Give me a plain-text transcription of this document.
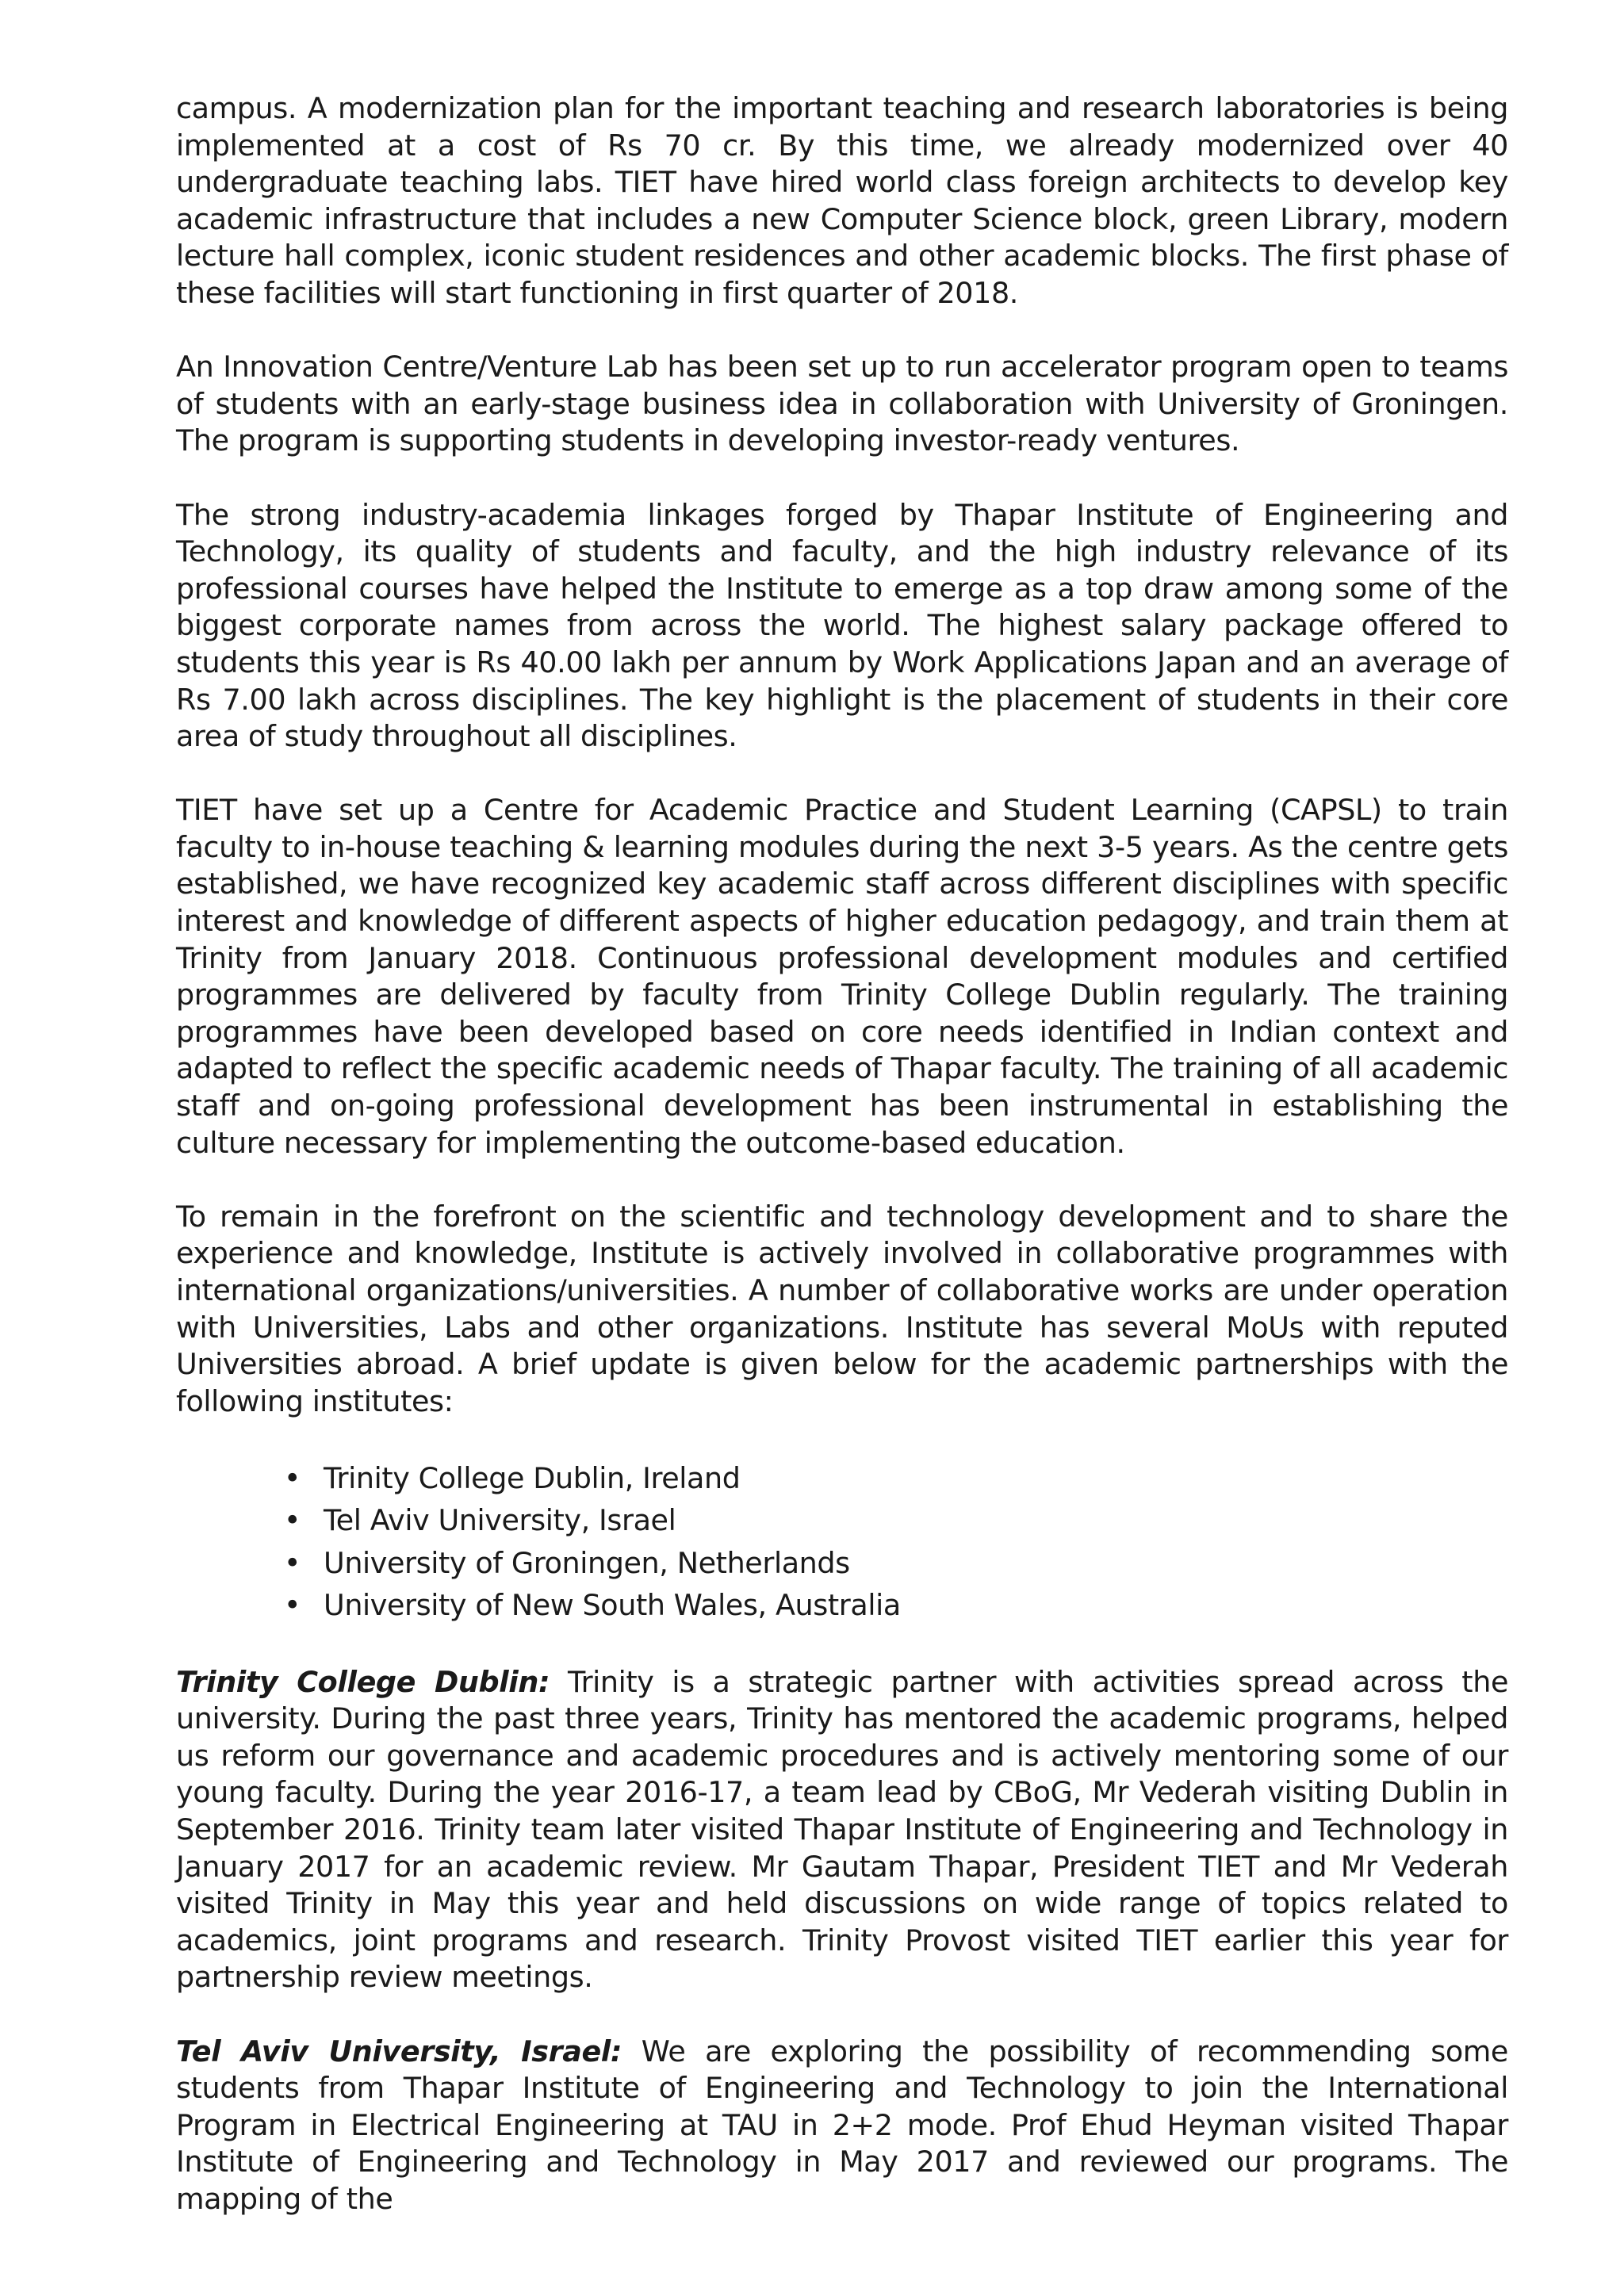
campus. A modernization plan for the important teaching and research laboratories is being implemented at a cost of Rs 70 cr. By this time, we already modernized over 40 undergraduate teaching labs. TIET have hired world class foreign architects to develop key academic infrastructure that includes a new Computer Science block, green Library, modern lecture hall complex, iconic student residences and other academic blocks. The first phase of these facilities will start functioning in first quarter of 2018.

An Innovation Centre/Venture Lab has been set up to run accelerator program open to teams of students with an early-stage business idea in collaboration with University of Groningen. The program is supporting students in developing investor-ready ventures.

The strong industry-academia linkages forged by Thapar Institute of Engineering and Technology, its quality of students and faculty, and the high industry relevance of its professional courses have helped the Institute to emerge as a top draw among some of the biggest corporate names from across the world. The highest salary package offered to students this year is Rs 40.00 lakh per annum by Work Applications Japan and an average of Rs 7.00 lakh across disciplines. The key highlight is the placement of students in their core area of study throughout all disciplines.

TIET have set up a Centre for Academic Practice and Student Learning (CAPSL) to train faculty to in-house teaching & learning modules during the next 3-5 years. As the centre gets established, we have recognized key academic staff across different disciplines with specific interest and knowledge of different aspects of higher education pedagogy, and train them at Trinity from January 2018. Continuous professional development modules and certified programmes are delivered by faculty from Trinity College Dublin regularly. The training programmes have been developed based on core needs identified in Indian context and adapted to reflect the specific academic needs of Thapar faculty. The training of all academic staff and on-going professional development has been instrumental in establishing the culture necessary for implementing the outcome-based education.

To remain in the forefront on the scientific and technology development and to share the experience and knowledge, Institute is actively involved in collaborative programmes with international organizations/universities. A number of collaborative works are under operation with Universities, Labs and other organizations. Institute has several MoUs with reputed Universities abroad. A brief update is given below for the academic partnerships with the following institutes:

• Trinity College Dublin, Ireland
• Tel Aviv University, Israel
• University of Groningen, Netherlands
• University of New South Wales, Australia

Trinity College Dublin: Trinity is a strategic partner with activities spread across the university. During the past three years, Trinity has mentored the academic programs, helped us reform our governance and academic procedures and is actively mentoring some of our young faculty. During the year 2016-17, a team lead by CBoG, Mr Vederah visiting Dublin in September 2016. Trinity team later visited Thapar Institute of Engineering and Technology in January 2017 for an academic review. Mr Gautam Thapar, President TIET and Mr Vederah visited Trinity in May this year and held discussions on wide range of topics related to academics, joint programs and research. Trinity Provost visited TIET earlier this year for partnership review meetings.

Tel Aviv University, Israel: We are exploring the possibility of recommending some students from Thapar Institute of Engineering and Technology to join the International Program in Electrical Engineering at TAU in 2+2 mode. Prof Ehud Heyman visited Thapar Institute of Engineering and Technology in May 2017 and reviewed our programs. The mapping of the
